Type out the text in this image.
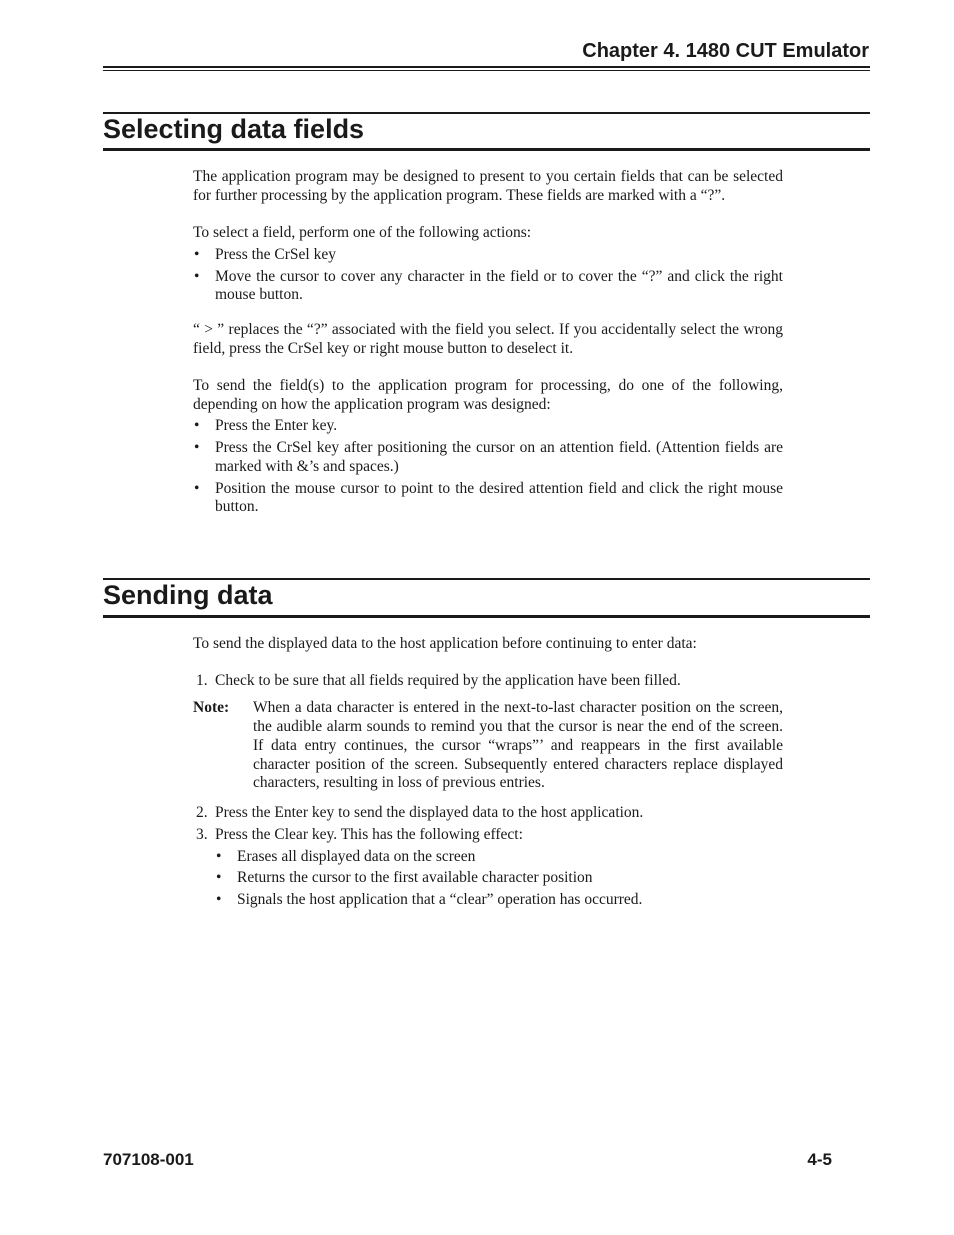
Chapter 4. 1480 CUT Emulator
Selecting data fields

The application program may be designed to present to you certain fields that can be selected for further processing by the application program. These fields are marked with a “?”.

To select a field, perform one of the following actions:

• Press the CrSel key
• Move the cursor to cover any character in the field or to cover the “?” and click the right mouse button.

“ > ” replaces the “?” associated with the field you select. If you accidentally select the wrong field, press the CrSel key or right mouse button to deselect it.

To send the field(s) to the application program for processing, do one of the following, depending on how the application program was designed:

• Press the Enter key.
• Press the CrSel key after positioning the cursor on an attention field. (Attention fields are marked with &’s and spaces.)
• Position the mouse cursor to point to the desired attention field and click the right mouse button.
Sending data

To send the displayed data to the host application before continuing to enter data:

1. Check to be sure that all fields required by the application have been filled.
Note: When a data character is entered in the next-to-last character position on the screen, the audible alarm sounds to remind you that the cursor is near the end of the screen. If data entry continues, the cursor “wraps”’ and reappears in the first available character position of the screen. Subsequently entered characters replace displayed characters, resulting in loss of previous entries.
2. Press the Enter key to send the displayed data to the host application.
3. Press the Clear key. This has the following effect:
• Erases all displayed data on the screen
• Returns the cursor to the first available character position
• Signals the host application that a “clear” operation has occurred.
707108-001	4-5
